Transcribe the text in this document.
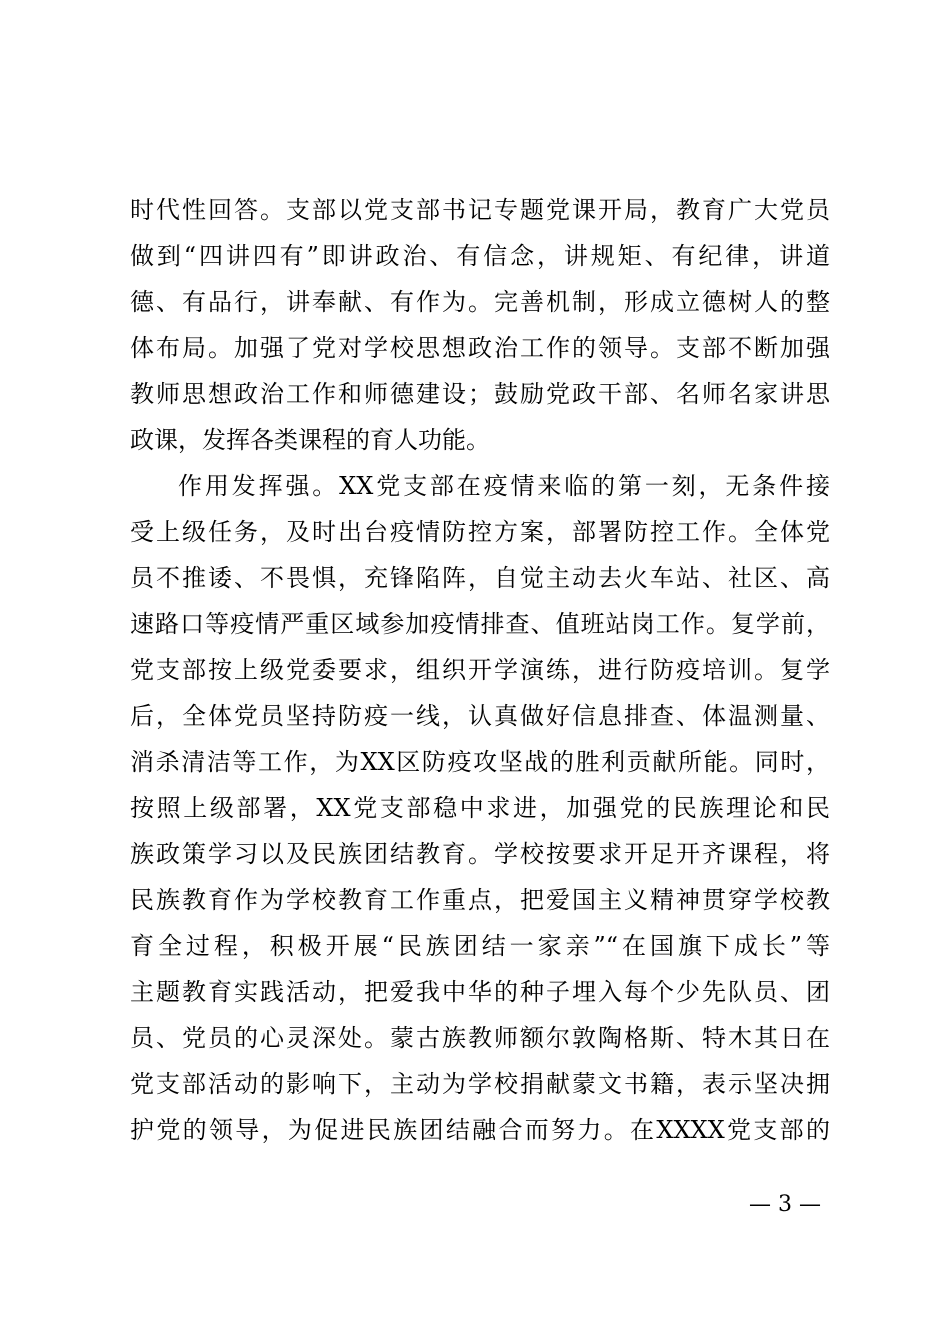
时代性回答。支部以党支部书记专题党课开局，教育广大党员
做到“四讲四有”即讲政治、有信念，讲规矩、有纪律，讲道
德、有品行，讲奉献、有作为。完善机制，形成立德树人的整
体布局。加强了党对学校思想政治工作的领导。支部不断加强
教师思想政治工作和师德建设；鼓励党政干部、名师名家讲思
政课，发挥各类课程的育人功能。
作用发挥强。XX党支部在疫情来临的第一刻，无条件接
受上级任务，及时出台疫情防控方案，部署防控工作。全体党
员不推诿、不畏惧，充锋陷阵，自觉主动去火车站、社区、高
速路口等疫情严重区域参加疫情排查、值班站岗工作。复学前，
党支部按上级党委要求，组织开学演练，进行防疫培训。复学
后，全体党员坚持防疫一线，认真做好信息排查、体温测量、
消杀清洁等工作，为XX区防疫攻坚战的胜利贡献所能。同时，
按照上级部署，XX党支部稳中求进，加强党的民族理论和民
族政策学习以及民族团结教育。学校按要求开足开齐课程，将
民族教育作为学校教育工作重点，把爱国主义精神贯穿学校教
育全过程，积极开展“民族团结一家亲”“在国旗下成长”等
主题教育实践活动，把爱我中华的种子埋入每个少先队员、团
员、党员的心灵深处。蒙古族教师额尔敦陶格斯、特木其日在
党支部活动的影响下，主动为学校捐献蒙文书籍，表示坚决拥
护党的领导，为促进民族团结融合而努力。在XXXX党支部的
— 3 —
